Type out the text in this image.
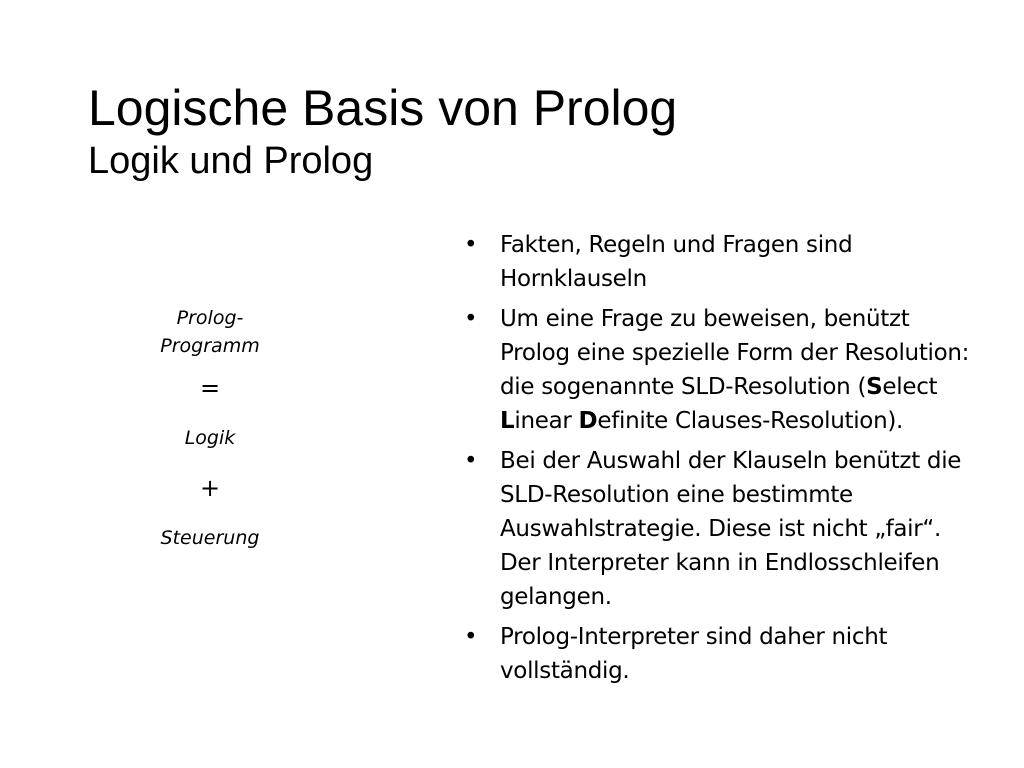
Logische Basis von Prolog
Logik und Prolog
Prolog-
Programm
=
Logik
+
Steuerung
• Fakten, Regeln und Fragen sind Hornklauseln
• Um eine Frage zu beweisen, benützt Prolog eine spezielle Form der Resolution: die sogenannte SLD-Resolution (Select Linear Definite Clauses-Resolution).
• Bei der Auswahl der Klauseln benützt die SLD-Resolution eine bestimmte Auswahlstrategie. Diese ist nicht „fair“. Der Interpreter kann in Endlosschleifen gelangen.
• Prolog-Interpreter sind daher nicht vollständig.
